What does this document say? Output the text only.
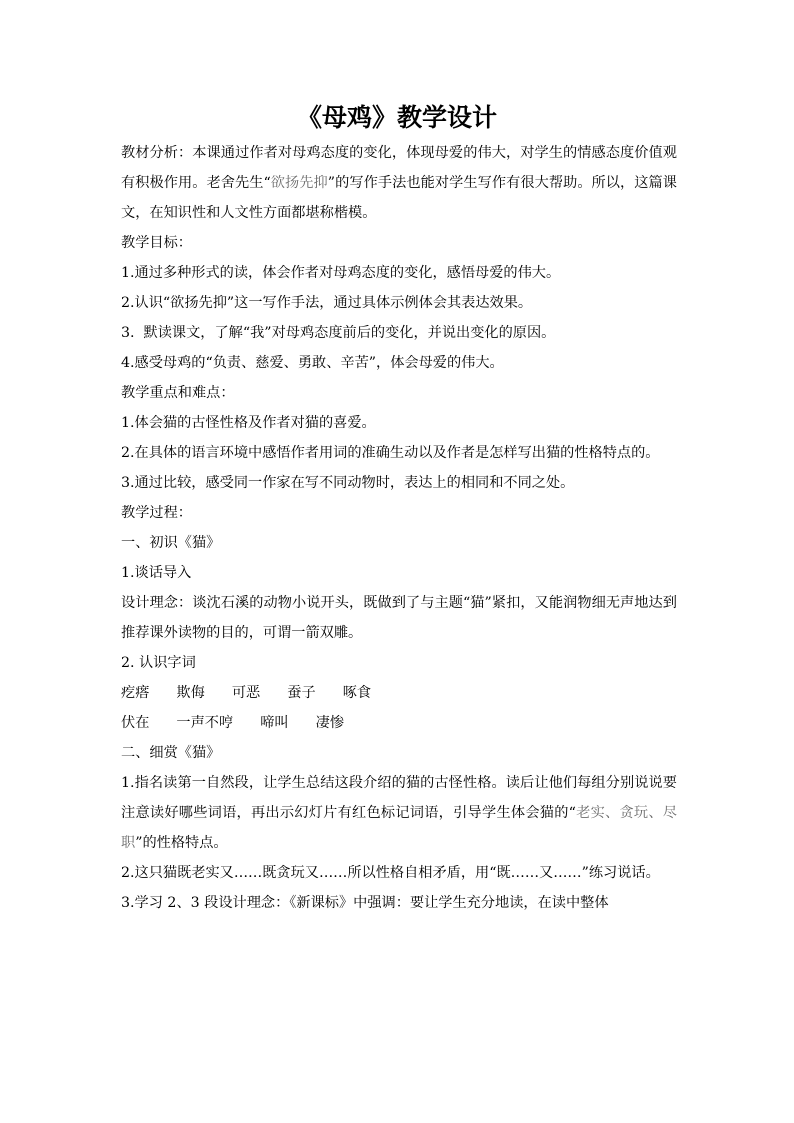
《母鸡》教学设计

教材分析：本课通过作者对母鸡态度的变化，体现母爱的伟大，对学生的情感态度价值观有积极作用。老舍先生“欲扬先抑”的写作手法也能对学生写作有很大帮助。所以，这篇课文，在知识性和人文性方面都堪称楷模。

教学目标：

1.通过多种形式的读，体会作者对母鸡态度的变化，感悟母爱的伟大。

2.认识“欲扬先抑”这一写作手法，通过具体示例体会其表达效果。

3.  默读课文，了解“我”对母鸡态度前后的变化，并说出变化的原因。

4.感受母鸡的“负责、慈爱、勇敢、辛苦”，体会母爱的伟大。

教学重点和难点：

1.体会猫的古怪性格及作者对猫的喜爱。

2.在具体的语言环境中感悟作者用词的准确生动以及作者是怎样写出猫的性格特点的。

3.通过比较，感受同一作家在写不同动物时，表达上的相同和不同之处。

教学过程：

一、初识《猫》

1.谈话导入

设计理念：谈沈石溪的动物小说开头，既做到了与主题“猫”紧扣，又能润物细无声地达到推荐课外读物的目的，可谓一箭双雕。

2. 认识字词

疙瘩      欺侮      可恶      蚕子      啄食

伏在      一声不哼      啼叫      凄惨

二、细赏《猫》

1.指名读第一自然段，让学生总结这段介绍的猫的古怪性格。读后让他们每组分别说说要注意读好哪些词语，再出示幻灯片有红色标记词语，引导学生体会猫的“老实、贪玩、尽职”的性格特点。

2.这只猫既老实又……既贪玩又……所以性格自相矛盾，用“既……又……”练习说话。

3.学习 2、3 段设计理念：《新课标》中强调：要让学生充分地读，在读中整体
